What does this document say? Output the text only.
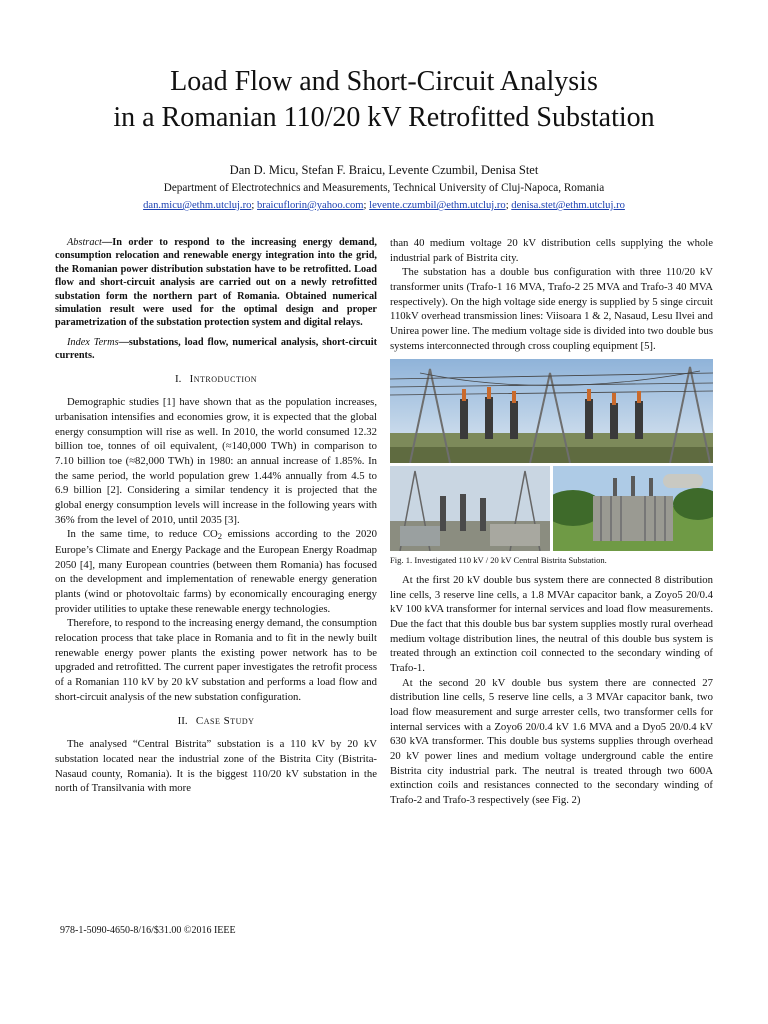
Load Flow and Short-Circuit Analysis
in a Romanian 110/20 kV Retrofitted Substation
Dan D. Micu, Stefan F. Braicu, Levente Czumbil, Denisa Stet
Department of Electrotechnics and Measurements, Technical University of Cluj-Napoca, Romania
dan.micu@ethm.utcluj.ro; braicuflorin@yahoo.com; levente.czumbil@ethm.utcluj.ro; denisa.stet@ethm.utcluj.ro

Abstract—In order to respond to the increasing energy demand, consumption relocation and renewable energy integration into the grid, the Romanian power distribution substation have to be retrofitted. Load flow and short-circuit analysis are carried out on a newly retrofitted substation form the northern part of Romania. Obtained numerical simulation result were used for the optimal design and proper parametrization of the substation protection system and digital relays.

Index Terms—substations, load flow, numerical analysis, short-circuit currents.

I. Introduction

Demographic studies [1] have shown that as the population increases, urbanisation intensifies and economies grow, it is expected that the global energy consumption will rise as well. In 2010, the world consumed 12.32 billion toe, tonnes of oil equivalent, (≈140,000 TWh) in comparison to 7.10 billion toe (≈82,000 TWh) in 1980: an annual increase of 1.85%. In the same period, the world population grew 1.44% annually from 4.5 to 6.9 billion [2]. Considering a similar tendency it is projected that the global energy consumption levels will increase in the following years with 36% from the level of 2010, until 2035 [3].

In the same time, to reduce $CO_2$ emissions according to the 2020 Europe’s Climate and Energy Package and the European Energy Roadmap 2050 [4], many European countries (between them Romania) has focused on the development and implementation of renewable energy generation plants (wind or photovoltaic farms) by economically encouraging energy provider utilities to uptake these renewable energy technologies.

Therefore, to respond to the increasing energy demand, the consumption relocation process that take place in Romania and to fit in the newly built renewable energy power plants the existing power network has to be upgraded and retrofitted. The current paper investigates the retrofit process of a Romanian 110 kV by 20 kV substation and performs a load flow and short-circuit analysis of the new substation configuration.

II. Case Study

The analysed “Central Bistrita” substation is a 110 kV by 20 kV substation located near the industrial zone of the Bistrita City (Bistrita-Nasaud county, Romania). It is the biggest 110/20 kV substation in the north of Transilvania with more

than 40 medium voltage 20 kV distribution cells supplying the whole industrial park of Bistrita city.

The substation has a double bus configuration with three 110/20 kV transformer units (Trafo-1 16 MVA, Trafo-2 25 MVA and Trafo-3 40 MVA respectively). On the high voltage side energy is supplied by 5 singe circuit 110kV overhead transmission lines: Viisoara 1 & 2, Nasaud, Lesu Ilvei and Unirea power line. The medium voltage side is divided into two double bus systems interconnected through cross coupling equipment [5].

Fig. 1. Investigated 110 kV / 20 kV Central Bistrita Substation.

At the first 20 kV double bus system there are connected 8 distribution line cells, 3 reserve line cells, a 1.8 MVAr capacitor bank, a Zoyo5 20/0.4 kV 100 kVA transformer for internal services and load flow measurements. Due the fact that this double bus bar system supplies mostly rural overhead medium voltage distribution lines, the neutral of this double bus system is treated through an extinction coil connected to the secondary winding of Trafo-1.

At the second 20 kV double bus system there are connected 27 distribution line cells, 5 reserve line cells, a 3 MVAr capacitor bank, two load flow measurement and surge arrester cells, two transformer cells for internal services with a Zoyo6 20/0.4 kV 1.6 MVA and a Dyo5 20/0.4 kV 630 kVA transformer. This double bus systems supplies through overhead 20 kV power lines and medium voltage underground cable the entire Bistrita city industrial park. The neutral is treated through two 600A extinction coils and resistances connected to the secondary winding of Trafo-2 and Trafo-3 respectively (see Fig. 2)

978-1-5090-4650-8/16/$31.00 ©2016 IEEE
